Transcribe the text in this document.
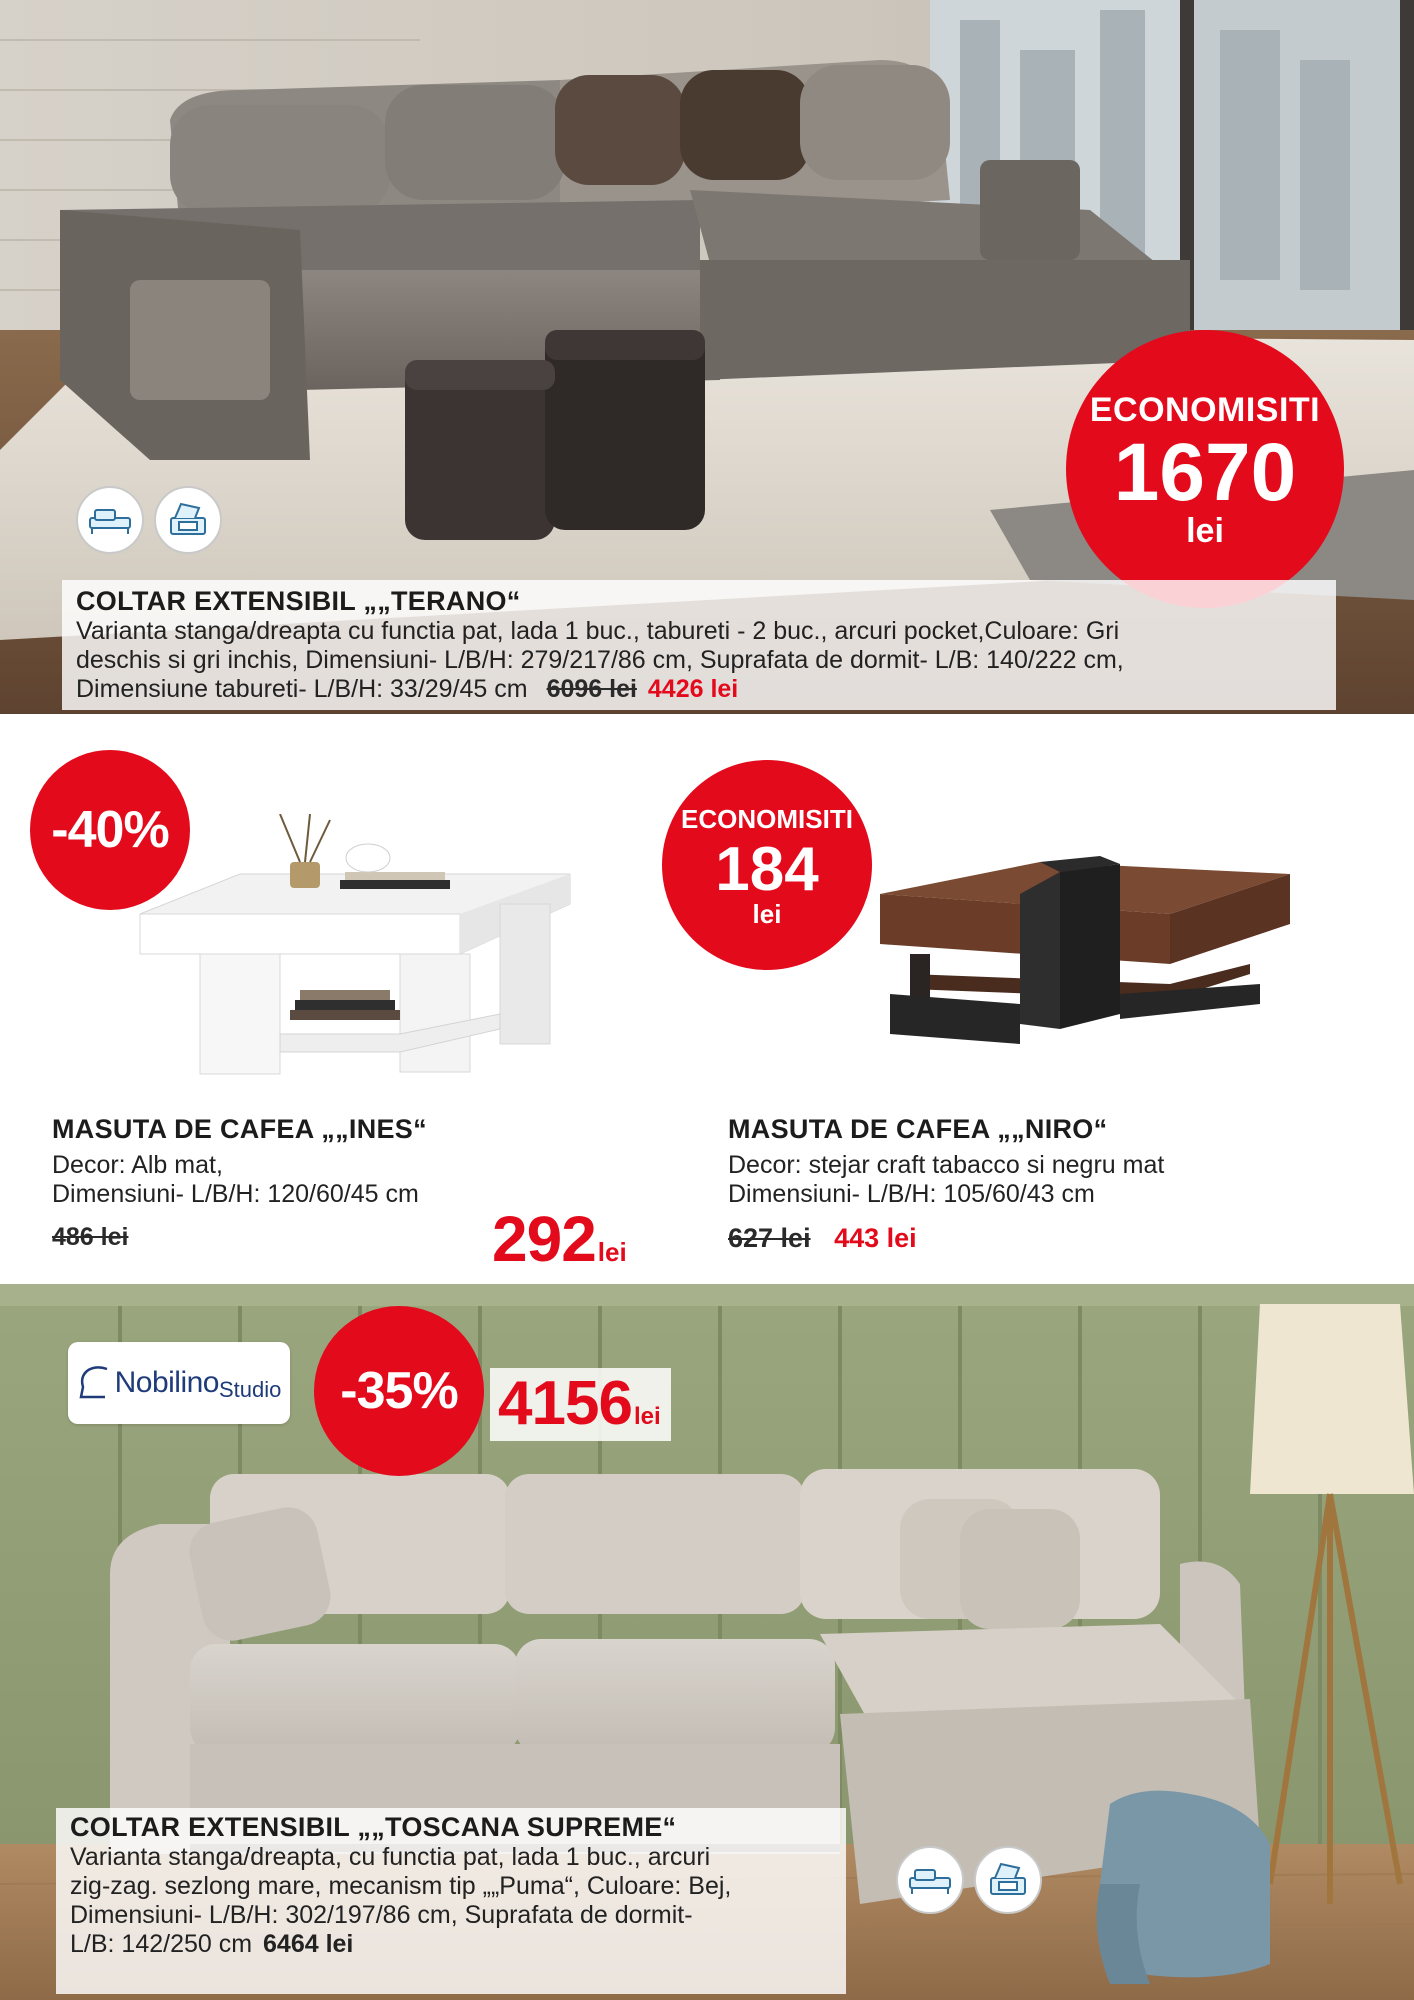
ECONOMISITI
1670
lei
COLTAR EXTENSIBIL „„TERANO“
Varianta stanga/dreapta cu functia pat, lada 1 buc., tabureti - 2 buc., arcuri pocket,Culoare: Gri
deschis si gri inchis, Dimensiuni- L/B/H: 279/217/86 cm, Suprafata de dormit- L/B: 140/222 cm,
Dimensiune tabureti- L/B/H: 33/29/45 cm 6096 lei 4426 lei
-40%
MASUTA DE CAFEA „„INES“
Decor: Alb mat,
Dimensiuni- L/B/H: 120/60/45 cm
486 lei	292lei
ECONOMISITI
184
lei
MASUTA DE CAFEA „„NIRO“
Decor: stejar craft tabacco si negru mat
Dimensiuni- L/B/H: 105/60/43 cm
627 lei 443 lei
Nobilino Studio -35% 4156lei
COLTAR EXTENSIBIL „„TOSCANA SUPREME“
Varianta stanga/dreapta, cu functia pat, lada 1 buc., arcuri
zig-zag. sezlong mare, mecanism tip „„Puma“, Culoare: Bej,
Dimensiuni- L/B/H: 302/197/86 cm, Suprafata de dormit-
L/B: 142/250 cm 6464 lei
